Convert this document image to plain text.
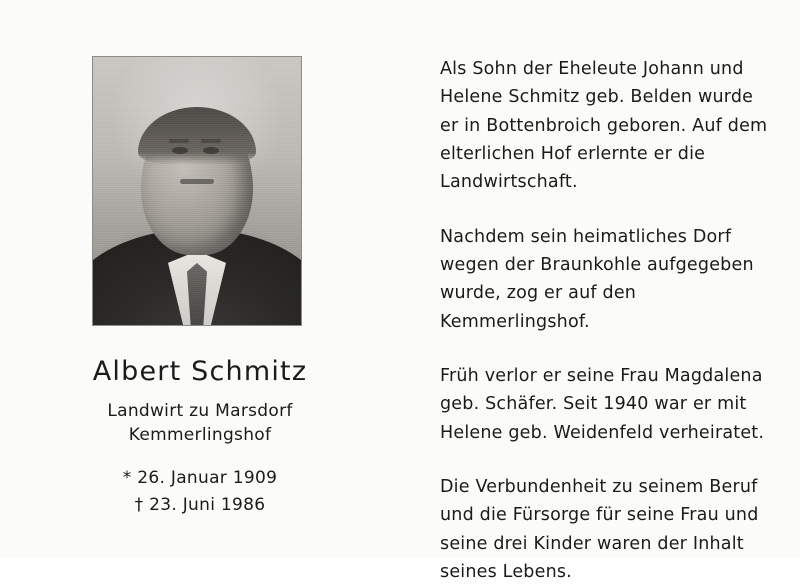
Albert Schmitz
Landwirt zu Marsdorf
Kemmerlingshof
* 26. Januar 1909
† 23. Juni 1986

Als Sohn der Eheleute Johann und Helene Schmitz geb. Belden wurde er in Bottenbroich geboren. Auf dem elterlichen Hof erlernte er die Landwirtschaft.

Nachdem sein heimatliches Dorf wegen der Braunkohle aufgegeben wurde, zog er auf den Kemmerlingshof.

Früh verlor er seine Frau Magdalena geb. Schäfer. Seit 1940 war er mit Helene geb. Weidenfeld verheiratet.

Die Verbundenheit zu seinem Beruf und die Fürsorge für seine Frau und seine drei Kinder waren der Inhalt seines Lebens.
